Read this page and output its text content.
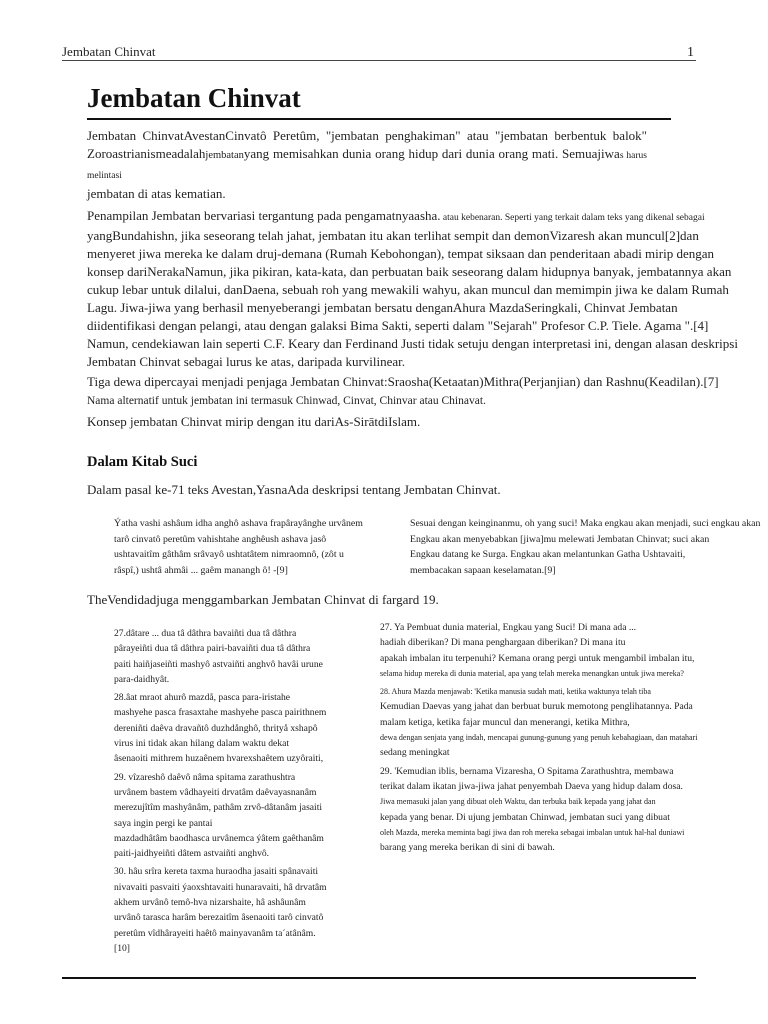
Jembatan Chinvat	1
Jembatan Chinvat

Jembatan ChinvatAvestanCinvatô Peretûm, "jembatan penghakiman" atau "jembatan berbentuk balok" Zoroastrianismeadalahjembatanyang memisahkan dunia orang hidup dari dunia orang mati. Semuajiwas harus melintasi
jembatan di atas kematian.

Penampilan Jembatan bervariasi tergantung pada pengamatnyaasha. atau kebenaran. Seperti yang terkait dalam teks yang dikenal sebagai yangBundahishn, jika seseorang telah jahat, jembatan itu akan terlihat sempit dan demonVizaresh akan muncul[2]dan menyeret jiwa mereka ke dalam druj-demana (Rumah Kebohongan), tempat siksaan dan penderitaan abadi mirip dengan konsep dariNerakaNamun, jika pikiran, kata-kata, dan perbuatan baik seseorang dalam hidupnya banyak, jembatannya akan cukup lebar untuk dilalui, danDaena, sebuah roh yang mewakili wahyu, akan muncul dan memimpin jiwa ke dalam Rumah Lagu. Jiwa-jiwa yang berhasil menyeberangi jembatan bersatu denganAhura MazdaSeringkali, Chinvat Jembatan diidentifikasi dengan pelangi, atau dengan galaksi Bima Sakti, seperti dalam "Sejarah" Profesor C.P. Tiele. Agama ".[4] Namun, cendekiawan lain seperti C.F. Keary dan Ferdinand Justi tidak setuju dengan interpretasi ini, dengan alasan deskripsi Jembatan Chinvat sebagai lurus ke atas, daripada kurvilinear.

Tiga dewa dipercayai menjadi penjaga Jembatan Chinvat:Sraosha(Ketaatan)Mithra(Perjanjian) dan Rashnu(Keadilan).[7]

Nama alternatif untuk jembatan ini termasuk Chinwad, Cinvat, Chinvar atau Chinavat.

Konsep jembatan Chinvat mirip dengan itu dariAs-SirātdiIslam.

Dalam Kitab Suci

Dalam pasal ke-71 teks Avestan,YasnaAda deskripsi tentang Jembatan Chinvat.

Ýatha vashi ashâum idha anghô ashava frapârayânghe urvânem
tarô cinvatô peretûm vahishtahe anghêush ashava jasô
ushtavaitîm gâthâm srâvayô ushtatâtem nimraomnô, (zôt u
râspî,) ushtâ ahmâi ... gaêm manangh ô! -[9]
Sesuai dengan keinginanmu, oh yang suci! Maka engkau akan menjadi, suci engkau akan
Engkau akan menyebabkan [jiwa]mu melewati Jembatan Chinvat; suci akan
Engkau datang ke Surga. Engkau akan melantunkan Gatha Ushtavaiti,
membacakan sapaan keselamatan.[9]
TheVendidadjuga menggambarkan Jembatan Chinvat di fargard 19.
27.dâtare ... dua tâ dâthra bavaiñti dua tâ dâthra
pârayeiñti dua tâ dâthra pairi-bavaiñti dua tâ dâthra
paiti haiñjaseiñti mashyô astvaiñti anghvô havâi urune
para-daidhyât.
28.âat mraot ahurô mazdå, pasca para-iristahe
mashyehe pasca frasaxtahe mashyehe pasca pairithnem
dereniñti daêva dravañtô duzhdånghô, thrityå xshapô
virus ini tidak akan hilang dalam waktu dekat
âsenaoiti mithrem huzaênem hvarexshaêtem uzyôraiti,
29. vîzareshô daêvô nâma spitama zarathushtra
urvânem bastem vâdhayeiti drvatâm daêvayasnanâm
merezujîtîm mashyânâm, pathâm zrvô-dâtanâm jasaiti
saya ingin pergi ke pantai
mazdadhâtâm baodhasca urvânemca ýâtem gaêthanâm
paiti-jaidhyeiñti dâtem astvaiñti anghvô.
30. hâu srîra kereta taxma huraodha jasaiti spânavaiti
nivavaiti pasvaiti ýaoxshtavaiti hunaravaiti, hâ drvatâm
akhem urvânô temô-hva nizarshaite, hâ ashâunâm
urvânô tarasca harâm berezaitîm âsenaoiti tarô cinvatô
peretûm vîdhârayeiti haêtô mainyavanâm ta´atânâm.
[10]
27. Ya Pembuat dunia material, Engkau yang Suci! Di mana ada ...
hadiah diberikan? Di mana penghargaan diberikan? Di mana itu
apakah imbalan itu terpenuhi? Kemana orang pergi untuk mengambil imbalan itu,
selama hidup mereka di dunia material, apa yang telah mereka menangkan untuk jiwa mereka?
28. Ahura Mazda menjawab: 'Ketika manusia sudah mati, ketika waktunya telah tiba
Kemudian Daevas yang jahat dan berbuat buruk memotong penglihatannya. Pada
malam ketiga, ketika fajar muncul dan menerangi, ketika Mithra,
dewa dengan senjata yang indah, mencapai gunung-gunung yang penuh kebahagiaan, dan matahari
sedang meningkat
29. 'Kemudian iblis, bernama Vizaresha, O Spitama Zarathushtra, membawa
terikat dalam ikatan jiwa-jiwa jahat penyembah Daeva yang hidup dalam dosa.
Jiwa memasuki jalan yang dibuat oleh Waktu, dan terbuka baik kepada yang jahat dan
kepada yang benar. Di ujung jembatan Chinwad, jembatan suci yang dibuat
oleh Mazda, mereka meminta bagi jiwa dan roh mereka sebagai imbalan untuk hal-hal duniawi
barang yang mereka berikan di sini di bawah.
